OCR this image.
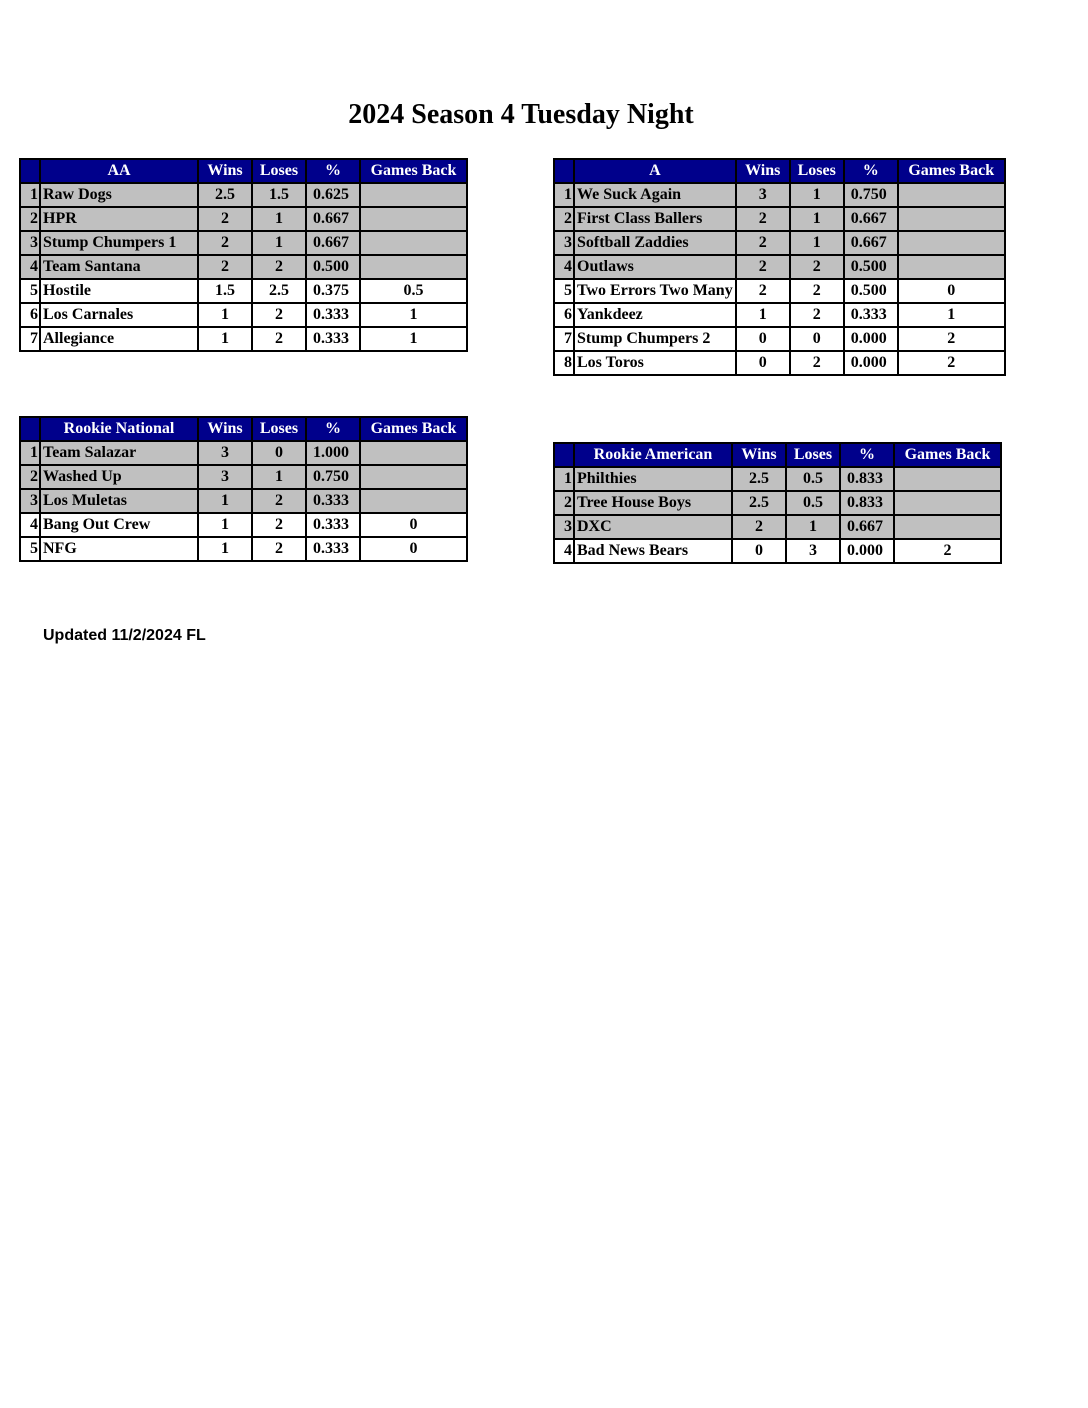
2024 Season 4 Tuesday Night
	AA	Wins	Loses	%	Games Back
1	Raw Dogs	2.5	1.5	0.625	
2	HPR	2	1	0.667	
3	Stump Chumpers 1	2	1	0.667	
4	Team Santana	2	2	0.500	
5	Hostile	1.5	2.5	0.375	0.5
6	Los Carnales	1	2	0.333	1
7	Allegiance	1	2	0.333	1
	A	Wins	Loses	%	Games Back
1	We Suck Again	3	1	0.750	
2	First Class Ballers	2	1	0.667	
3	Softball Zaddies	2	1	0.667	
4	Outlaws	2	2	0.500	
5	Two Errors Two Many	2	2	0.500	0
6	Yankdeez	1	2	0.333	1
7	Stump Chumpers 2	0	0	0.000	2
8	Los Toros	0	2	0.000	2
	Rookie National	Wins	Loses	%	Games Back
1	Team Salazar	3	0	1.000	
2	Washed Up	3	1	0.750	
3	Los Muletas	1	2	0.333	
4	Bang Out Crew	1	2	0.333	0
5	NFG	1	2	0.333	0
	Rookie American	Wins	Loses	%	Games Back
1	Philthies	2.5	0.5	0.833	
2	Tree House Boys	2.5	0.5	0.833	
3	DXC	2	1	0.667	
4	Bad News Bears	0	3	0.000	2
Updated 11/2/2024 FL
